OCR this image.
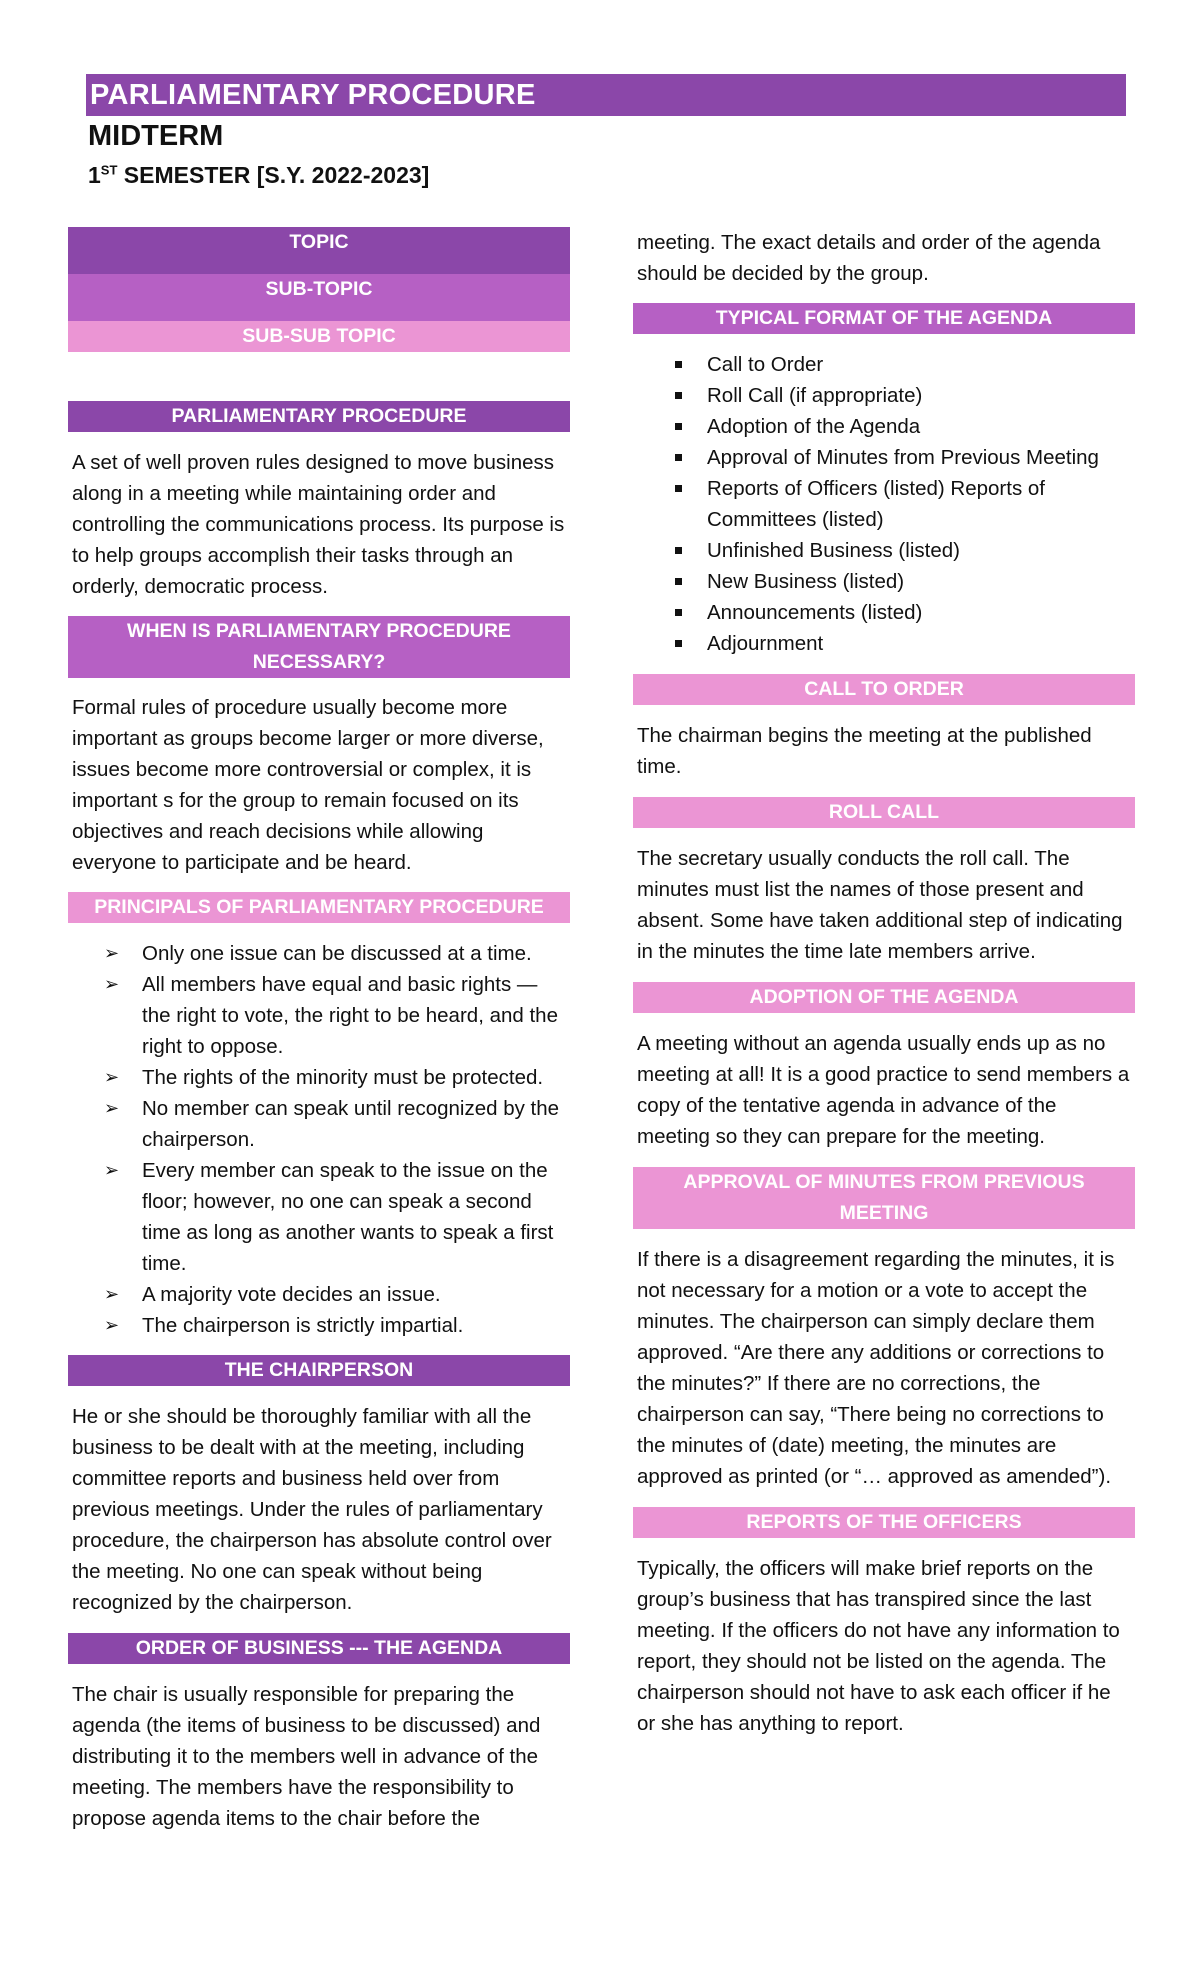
PARLIAMENTARY PROCEDURE
MIDTERM
1ST SEMESTER [S.Y. 2022-2023]
TOPIC
SUB-TOPIC
SUB-SUB TOPIC
PARLIAMENTARY PROCEDURE

A set of well proven rules designed to move business along in a meeting while maintaining order and controlling the communications process. Its purpose is to help groups accomplish their tasks through an orderly, democratic process.

WHEN IS PARLIAMENTARY PROCEDURE NECESSARY?

Formal rules of procedure usually become more important as groups become larger or more diverse, issues become more controversial or complex, it is important s for the group to remain focused on its objectives and reach decisions while allowing everyone to participate and be heard.

PRINCIPALS OF PARLIAMENTARY PROCEDURE
➢ Only one issue can be discussed at a time.
➢ All members have equal and basic rights — the right to vote, the right to be heard, and the right to oppose.
➢ The rights of the minority must be protected.
➢ No member can speak until recognized by the chairperson.
➢ Every member can speak to the issue on the floor; however, no one can speak a second time as long as another wants to speak a first time.
➢ A majority vote decides an issue.
➢ The chairperson is strictly impartial.
THE CHAIRPERSON

He or she should be thoroughly familiar with all the business to be dealt with at the meeting, including committee reports and business held over from previous meetings. Under the rules of parliamentary procedure, the chairperson has absolute control over the meeting. No one can speak without being recognized by the chairperson.

ORDER OF BUSINESS --- THE AGENDA

The chair is usually responsible for preparing the agenda (the items of business to be discussed) and distributing it to the members well in advance of the meeting. The members have the responsibility to propose agenda items to the chair before the

meeting. The exact details and order of the agenda should be decided by the group.

TYPICAL FORMAT OF THE AGENDA
Call to Order
Roll Call (if appropriate)
Adoption of the Agenda
Approval of Minutes from Previous Meeting
Reports of Officers (listed) Reports of Committees (listed)
Unfinished Business (listed)
New Business (listed)
Announcements (listed)
Adjournment
CALL TO ORDER

The chairman begins the meeting at the published time.

ROLL CALL

The secretary usually conducts the roll call. The minutes must list the names of those present and absent. Some have taken additional step of indicating in the minutes the time late members arrive.

ADOPTION OF THE AGENDA

A meeting without an agenda usually ends up as no meeting at all! It is a good practice to send members a copy of the tentative agenda in advance of the meeting so they can prepare for the meeting.

APPROVAL OF MINUTES FROM PREVIOUS MEETING

If there is a disagreement regarding the minutes, it is not necessary for a motion or a vote to accept the minutes. The chairperson can simply declare them approved. “Are there any additions or corrections to the minutes?” If there are no corrections, the chairperson can say, “There being no corrections to the minutes of (date) meeting, the minutes are approved as printed (or “… approved as amended”).

REPORTS OF THE OFFICERS

Typically, the officers will make brief reports on the group’s business that has transpired since the last meeting. If the officers do not have any information to report, they should not be listed on the agenda. The chairperson should not have to ask each officer if he or she has anything to report.
